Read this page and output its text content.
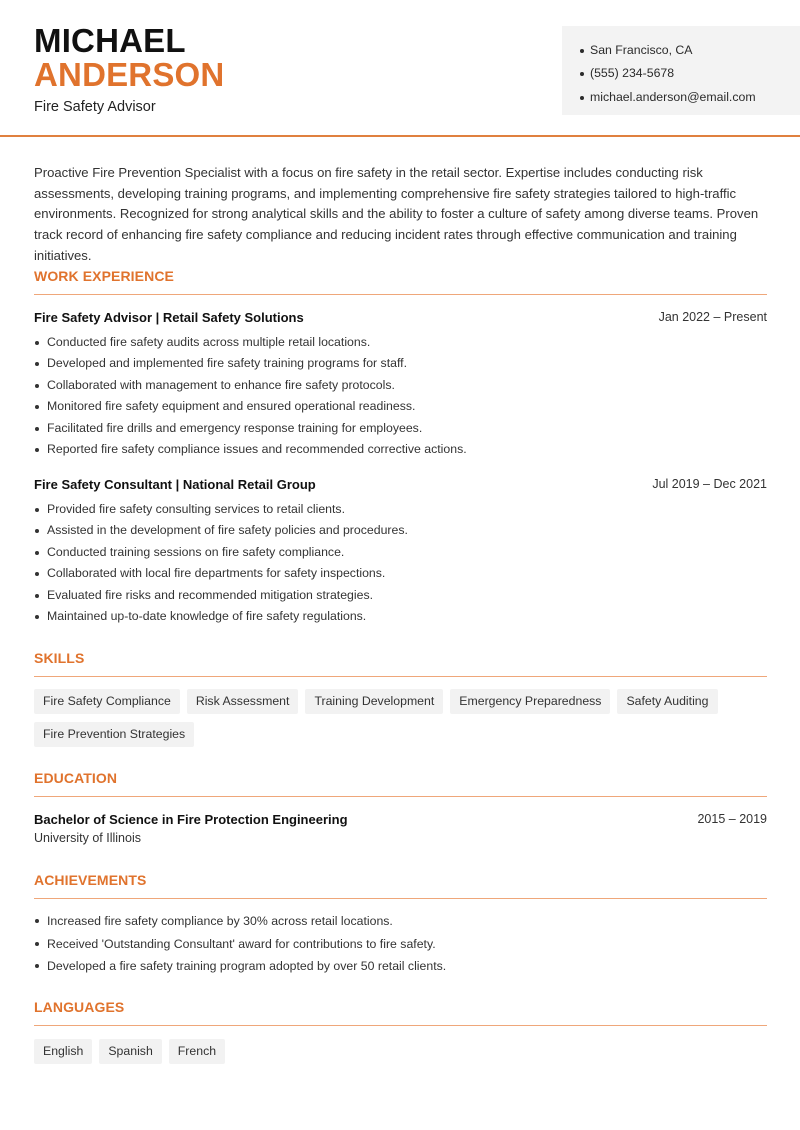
MICHAEL
ANDERSON
Fire Safety Advisor
San Francisco, CA
(555) 234-5678
michael.anderson@email.com

Proactive Fire Prevention Specialist with a focus on fire safety in the retail sector. Expertise includes conducting risk assessments, developing training programs, and implementing comprehensive fire safety strategies tailored to high-traffic environments. Recognized for strong analytical skills and the ability to foster a culture of safety among diverse teams. Proven track record of enhancing fire safety compliance and reducing incident rates through effective communication and training initiatives.

WORK EXPERIENCE
Fire Safety Advisor | Retail Safety Solutions	Jan 2022 – Present
Conducted fire safety audits across multiple retail locations.
Developed and implemented fire safety training programs for staff.
Collaborated with management to enhance fire safety protocols.
Monitored fire safety equipment and ensured operational readiness.
Facilitated fire drills and emergency response training for employees.
Reported fire safety compliance issues and recommended corrective actions.
Fire Safety Consultant | National Retail Group	Jul 2019 – Dec 2021
Provided fire safety consulting services to retail clients.
Assisted in the development of fire safety policies and procedures.
Conducted training sessions on fire safety compliance.
Collaborated with local fire departments for safety inspections.
Evaluated fire risks and recommended mitigation strategies.
Maintained up-to-date knowledge of fire safety regulations.
SKILLS
Fire Safety Compliance	Risk Assessment	Training Development	Emergency Preparedness	Safety Auditing
Fire Prevention Strategies
EDUCATION
Bachelor of Science in Fire Protection Engineering	2015 – 2019
University of Illinois
ACHIEVEMENTS
Increased fire safety compliance by 30% across retail locations.
Received 'Outstanding Consultant' award for contributions to fire safety.
Developed a fire safety training program adopted by over 50 retail clients.
LANGUAGES
English	Spanish	French
